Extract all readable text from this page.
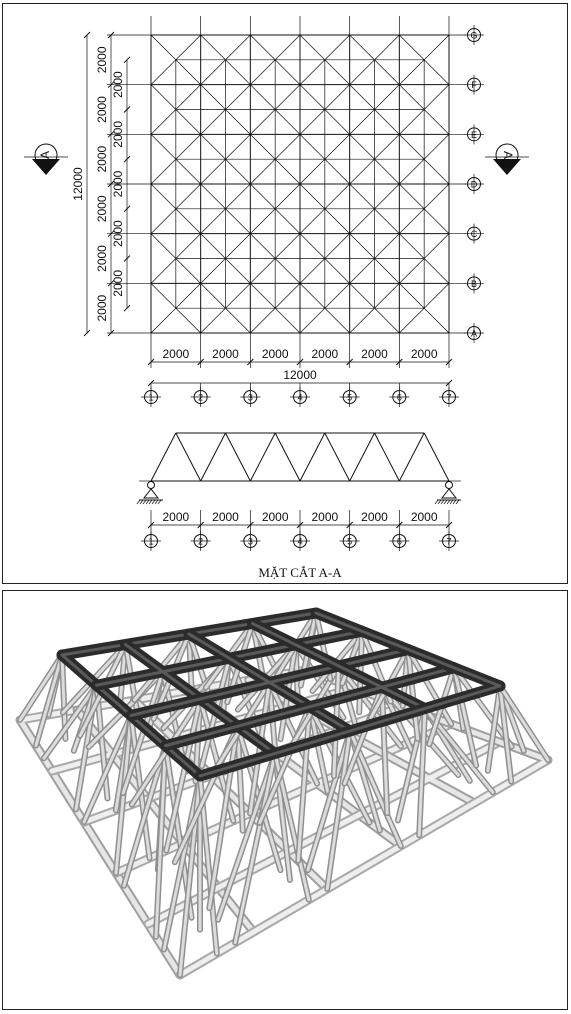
2000 2000 2000 2000 2000 2000
12000
2000
2000
2000
2000
2000
2000
2000
2000
2000
2000
2000
12000
1	2	3	4	5	6	7
A
B
C
D
E
F
G
A	A
2000 2000 2000 2000 2000 2000
1	2	3	4	5	6	7
MẶT CẮT A-A
